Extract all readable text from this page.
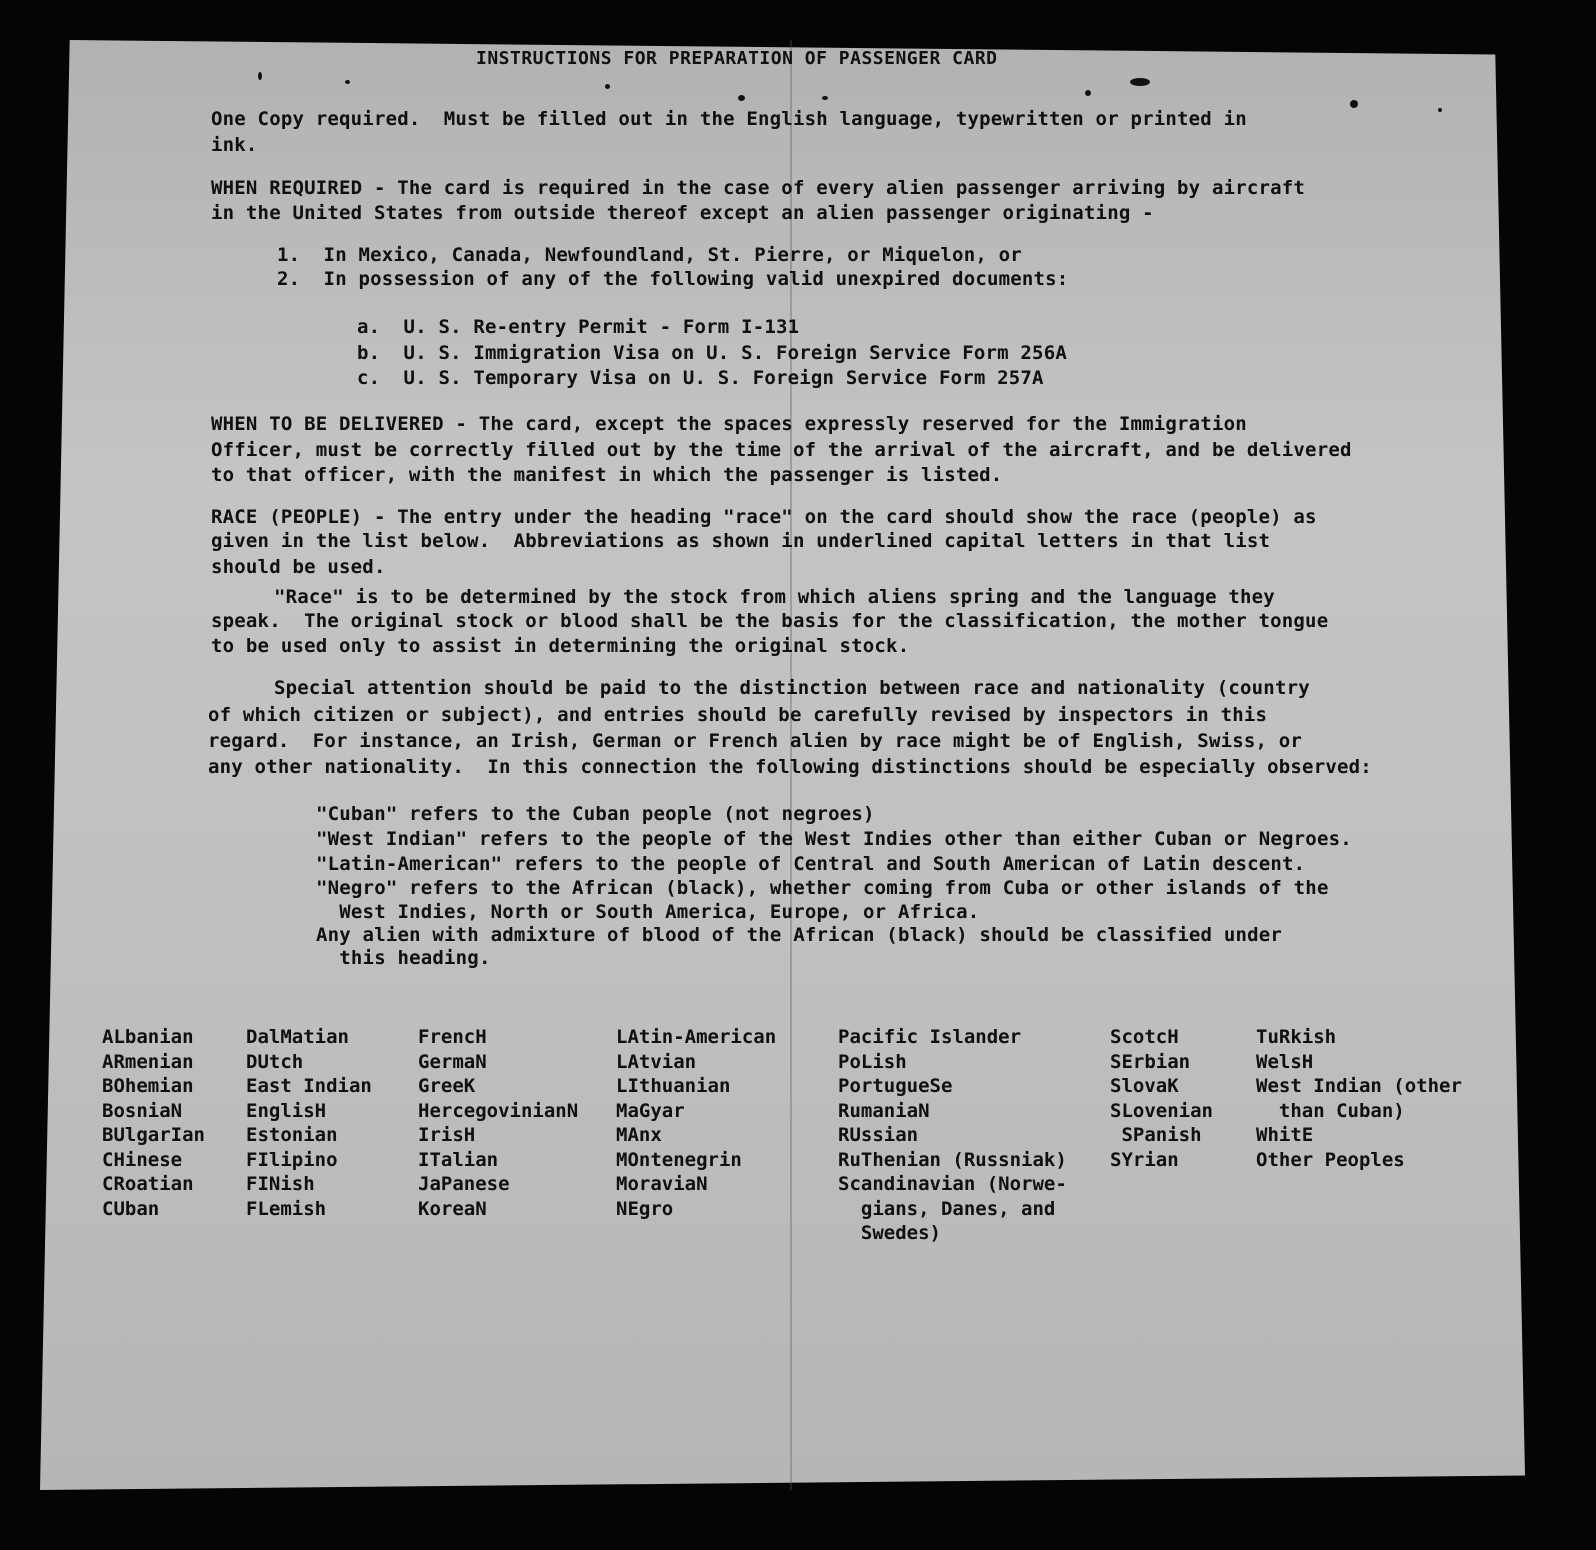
INSTRUCTIONS FOR PREPARATION OF PASSENGER CARD
One Copy required.  Must be filled out in the English language, typewritten or printed in
ink.
WHEN REQUIRED - The card is required in the case of every alien passenger arriving by aircraft
in the United States from outside thereof except an alien passenger originating -
1.  In Mexico, Canada, Newfoundland, St. Pierre, or Miquelon, or
2.  In possession of any of the following valid unexpired documents:
a.  U. S. Re-entry Permit - Form I-131
b.  U. S. Immigration Visa on U. S. Foreign Service Form 256A
c.  U. S. Temporary Visa on U. S. Foreign Service Form 257A
WHEN TO BE DELIVERED - The card, except the spaces expressly reserved for the Immigration
Officer, must be correctly filled out by the time of the arrival of the aircraft, and be delivered
to that officer, with the manifest in which the passenger is listed.
RACE (PEOPLE) - The entry under the heading "race" on the card should show the race (people) as
given in the list below.  Abbreviations as shown in underlined capital letters in that list
should be used.
"Race" is to be determined by the stock from which aliens spring and the language they
speak.  The original stock or blood shall be the basis for the classification, the mother tongue
to be used only to assist in determining the original stock.
Special attention should be paid to the distinction between race and nationality (country
of which citizen or subject), and entries should be carefully revised by inspectors in this
regard.  For instance, an Irish, German or French alien by race might be of English, Swiss, or
any other nationality.  In this connection the following distinctions should be especially observed:
"Cuban" refers to the Cuban people (not negroes)
"West Indian" refers to the people of the West Indies other than either Cuban or Negroes.
"Latin-American" refers to the people of Central and South American of Latin descent.
"Negro" refers to the African (black), whether coming from Cuba or other islands of the
West Indies, North or South America, Europe, or Africa.
Any alien with admixture of blood of the African (black) should be classified under
this heading.
ALbanian
ARmenian
BOhemian
BosniaN
BUlgarIan
CHinese
CRoatian
CUban
DalMatian
DUtch
East Indian
EnglisH
Estonian
FIlipino
FINish
FLemish
FrencH
GermaN
GreeK
HercegovinianN
IrisH
ITalian
JaPanese
KoreaN
LAtin-American
LAtvian
LIthuanian
MaGyar
MAnx
MOntenegrin
MoraviaN
NEgro
Pacific Islander
PoLish
PortugueSe
RumaniaN
RUssian
RuThenian (Russniak)
Scandinavian (Norwe-
gians, Danes, and
Swedes)
ScotcH
SErbian
SlovaK
SLovenian
SPanish
SYrian
TuRkish
WelsH
West Indian (other
than Cuban)
WhitE
Other Peoples
